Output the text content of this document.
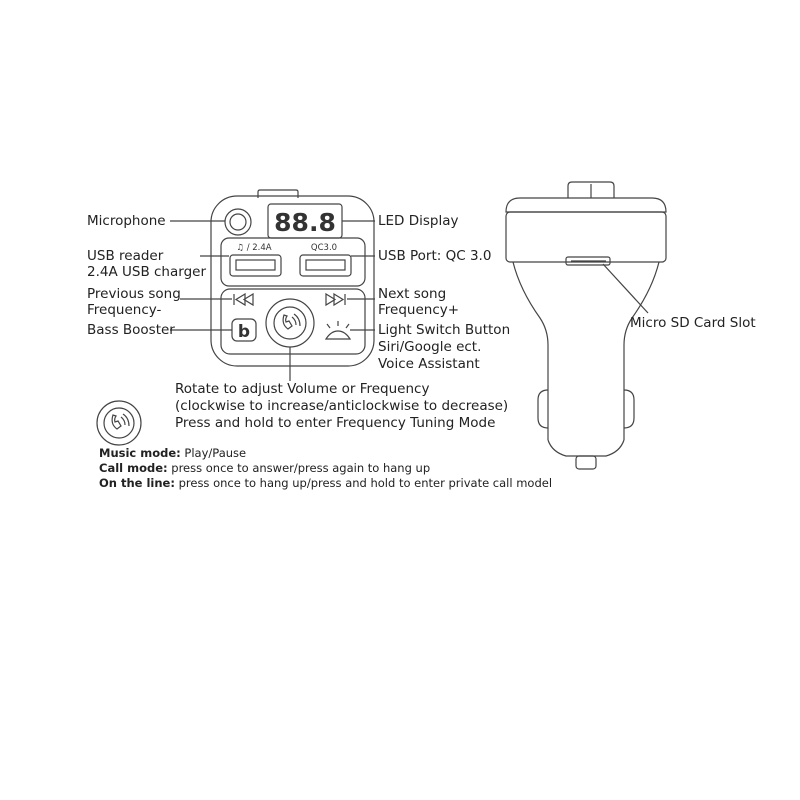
b
88.8
♫ / 2.4A	QC3.0
Microphone
USB reader
2.4A USB charger
Previous song
Frequency-
Bass Booster
LED Display
USB Port: QC 3.0
Next song
Frequency+
Light Switch Button
Siri/Google ect.
Voice Assistant
Rotate to adjust Volume or Frequency
(clockwise to increase/anticlockwise to decrease)
Press and hold to enter Frequency Tuning Mode
Micro SD Card Slot
Music mode: Play/Pause
Call mode: press once to answer/press again to hang up
On the line: press once to hang up/press and hold to enter private call model
